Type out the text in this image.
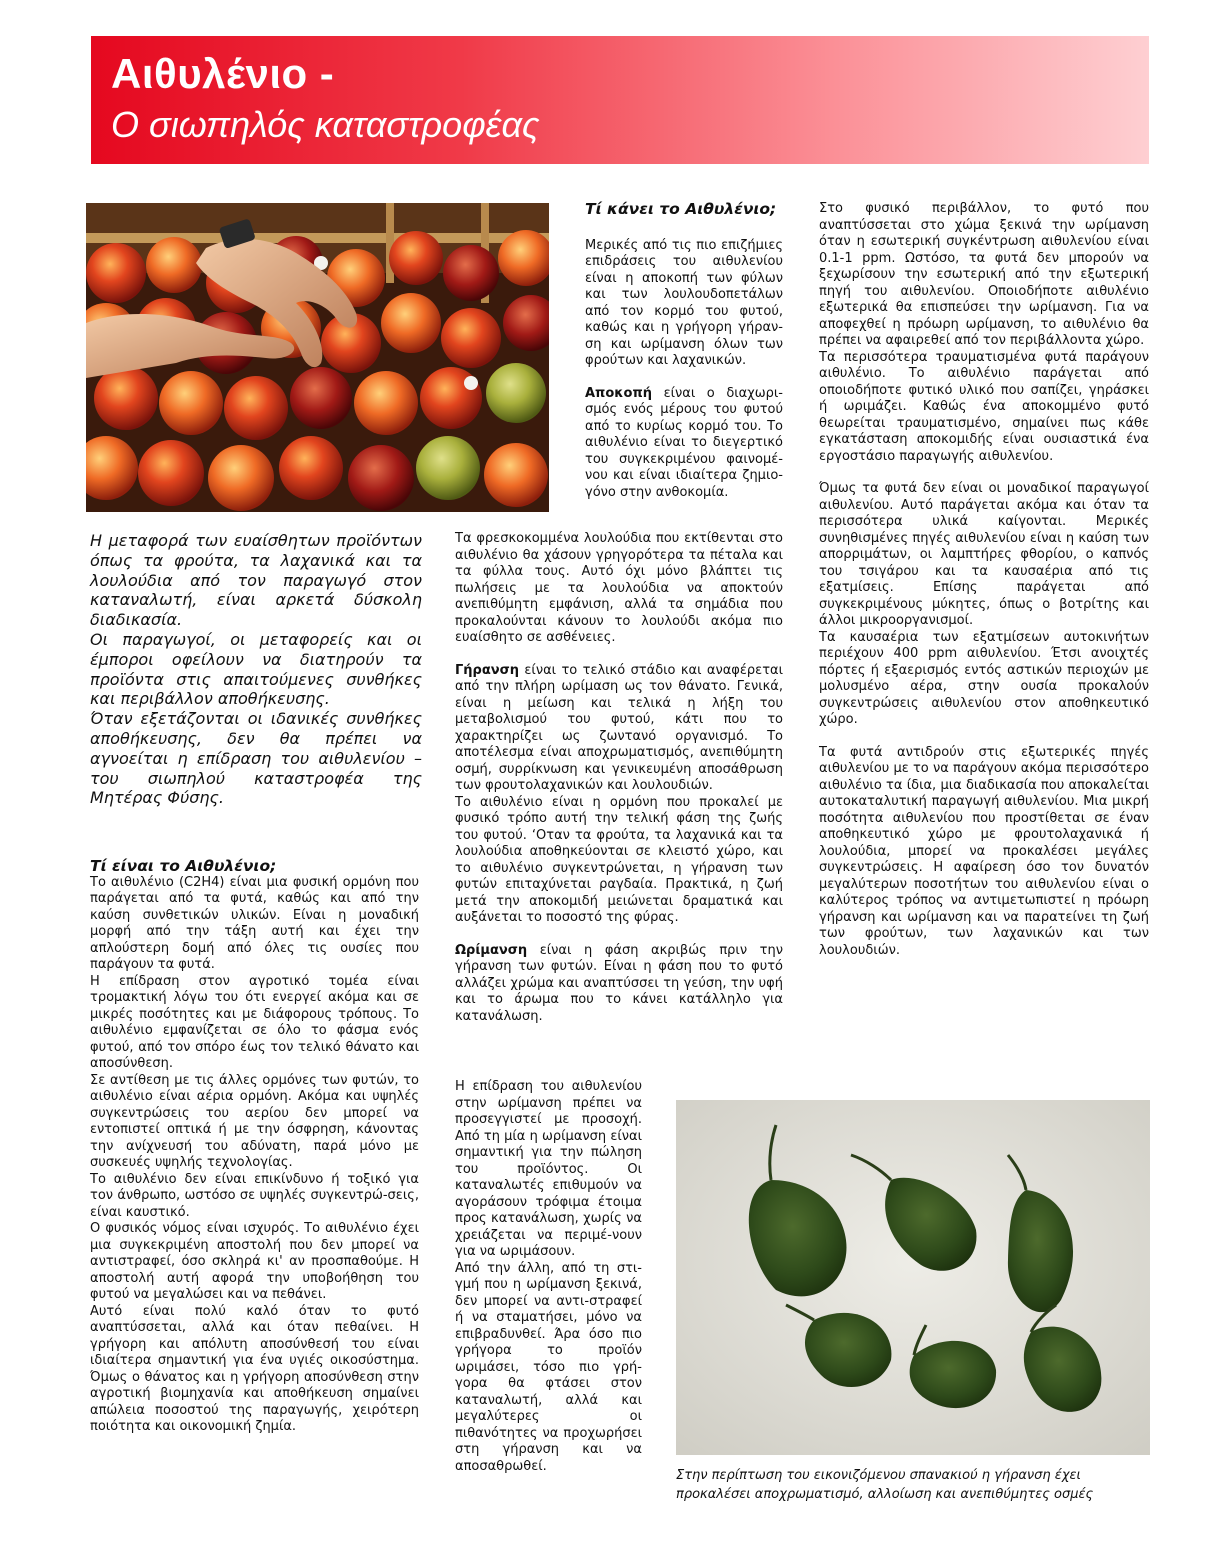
Αιθυλένιο -
Ο σιωπηλός καταστροφέας

Η μεταφορά των ευαίσθητων προϊόντων όπως τα φρούτα, τα λαχανικά και τα λουλούδια από τον παραγωγό στον καταναλωτή, είναι αρκετά δύσκολη διαδικασία.

Οι παραγωγοί, οι μεταφορείς και οι έμποροι οφείλουν να διατηρούν τα προϊόντα στις απαιτούμενες συνθήκες και περιβάλλον αποθήκευσης.

Όταν εξετάζονται οι ιδανικές συνθήκες αποθήκευσης, δεν θα πρέπει να αγνοείται η επίδραση του αιθυλενίου – του σιωπηλού καταστροφέα της Μητέρας Φύσης.

Τί είναι το Αιθυλένιο;

Το αιθυλένιο (C2H4) είναι μια φυσική ορμόνη που παράγεται από τα φυτά, καθώς και από την καύση συνθετικών υλικών. Είναι η μοναδική μορφή από την τάξη αυτή και έχει την απλούστερη δομή από όλες τις ουσίες που παράγουν τα φυτά.

Η επίδραση στον αγροτικό τομέα είναι τρομακτική λόγω του ότι ενεργεί ακόμα και σε μικρές ποσότητες και με διάφορους τρόπους. Το αιθυλένιο εμφανίζεται σε όλο το φάσμα ενός φυτού, από τον σπόρο έως τον τελικό θάνατο και αποσύνθεση.

Σε αντίθεση με τις άλλες ορμόνες των φυτών, το αιθυλένιο είναι αέρια ορμόνη. Ακόμα και υψηλές συγκεντρώσεις του αερίου δεν μπορεί να εντοπιστεί οπτικά ή με την όσφρηση, κάνοντας την ανίχνευσή του αδύνατη, παρά μόνο με συσκευές υψηλής τεχνολογίας.

Το αιθυλένιο δεν είναι επικίνδυνο ή τοξικό για τον άνθρωπο, ωστόσο σε υψηλές συγκεντρώ-σεις, είναι καυστικό.

Ο φυσικός νόμος είναι ισχυρός. Το αιθυλένιο έχει μια συγκεκριμένη αποστολή που δεν μπορεί να αντιστραφεί, όσο σκληρά κι' αν προσπαθούμε. Η αποστολή αυτή αφορά την υποβοήθηση του φυτού να μεγαλώσει και να πεθάνει.

Αυτό είναι πολύ καλό όταν το φυτό αναπτύσσεται, αλλά και όταν πεθαίνει. Η γρήγορη και απόλυτη αποσύνθεσή του είναι ιδιαίτερα σημαντική για ένα υγιές οικοσύστημα. Όμως ο θάνατος και η γρήγορη αποσύνθεση στην αγροτική βιομηχανία και αποθήκευση σημαίνει απώλεια ποσοστού της παραγωγής, χειρότερη ποιότητα και οικονομική ζημία.

Τί κάνει το Αιθυλένιο;

Μερικές από τις πιο επιζήμιες επιδράσεις του αιθυλενίου είναι η αποκοπή των φύλων και των λουλουδοπετάλων από τον κορμό του φυτού, καθώς και η γρήγορη γήραν-ση και ωρίμανση όλων των φρούτων και λαχανικών.

Αποκοπή είναι ο διαχωρι-σμός ενός μέρους του φυτού από το κυρίως κορμό του. Το αιθυλένιο είναι το διεγερτικό του συγκεκριμένου φαινομέ-νου και είναι ιδιαίτερα ζημιο-γόνο στην ανθοκομία.

Τα φρεσκοκομμένα λουλούδια που εκτίθενται στο αιθυλένιο θα χάσουν γρηγορότερα τα πέταλα και τα φύλλα τους. Αυτό όχι μόνο βλάπτει τις πωλήσεις με τα λουλούδια να αποκτούν ανεπιθύμητη εμφάνιση, αλλά τα σημάδια που προκαλούνται κάνουν το λουλούδι ακόμα πιο ευαίσθητο σε ασθένειες.

Γήρανση είναι το τελικό στάδιο και αναφέρεται από την πλήρη ωρίμαση ως τον θάνατο. Γενικά, είναι η μείωση και τελικά η λήξη του μεταβολισμού του φυτού, κάτι που το χαρακτηρίζει ως ζωντανό οργανισμό. Το αποτέλεσμα είναι αποχρωματισμός, ανεπιθύμητη οσμή, συρρίκνωση και γενικευμένη αποσάθρωση των φρουτολαχανικών και λουλουδιών.

Το αιθυλένιο είναι η ορμόνη που προκαλεί με φυσικό τρόπο αυτή την τελική φάση της ζωής του φυτού. ‘Οταν τα φρούτα, τα λαχανικά και τα λουλούδια αποθηκεύονται σε κλειστό χώρο, και το αιθυλένιο συγκεντρώνεται, η γήρανση των φυτών επιταχύνεται ραγδαία. Πρακτικά, η ζωή μετά την αποκομιδή μειώνεται δραματικά και αυξάνεται το ποσοστό της φύρας.

Ωρίμανση είναι η φάση ακριβώς πριν την γήρανση των φυτών. Είναι η φάση που το φυτό αλλάζει χρώμα και αναπτύσσει τη γεύση, την υφή και το άρωμα που το κάνει κατάλληλο για κατανάλωση.

Η επίδραση του αιθυλενίου στην ωρίμανση πρέπει να προσεγγιστεί με προσοχή. Από τη μία η ωρίμανση είναι σημαντική για την πώληση του προϊόντος. Οι καταναλωτές επιθυμούν να αγοράσουν τρόφιμα έτοιμα προς κατανάλωση, χωρίς να χρειάζεται να περιμέ-νουν για να ωριμάσουν.

Από την άλλη, από τη στι-γμή που η ωρίμανση ξεκινά, δεν μπορεί να αντι-στραφεί ή να σταματήσει, μόνο να επιβραδυνθεί. Άρα όσο πιο γρήγορα το προϊόν ωριμάσει, τόσο πιο γρή-γορα θα φτάσει στον καταναλωτή, αλλά και μεγαλύτερες οι πιθανότητες να προχωρήσει στη γήρανση και να αποσαθρωθεί.

Στο φυσικό περιβάλλον, το φυτό που αναπτύσσεται στο χώμα ξεκινά την ωρίμανση όταν η εσωτερική συγκέντρωση αιθυλενίου είναι 0.1-1 ppm. Ωστόσο, τα φυτά δεν μπορούν να ξεχωρίσουν την εσωτερική από την εξωτερική πηγή του αιθυλενίου. Οποιοδήποτε αιθυλένιο εξωτερικά θα επισπεύσει την ωρίμανση. Για να αποφεχθεί η πρόωρη ωρίμανση, το αιθυλένιο θα πρέπει να αφαιρεθεί από τον περιβάλλοντα χώρο.

Τα περισσότερα τραυματισμένα φυτά παράγουν αιθυλένιο. Το αιθυλένιο παράγεται από οποιοδήποτε φυτικό υλικό που σαπίζει, γηράσκει ή ωριμάζει. Καθώς ένα αποκομμένο φυτό θεωρείται τραυματισμένο, σημαίνει πως κάθε εγκατάσταση αποκομιδής είναι ουσιαστικά ένα εργοστάσιο παραγωγής αιθυλενίου.

Όμως τα φυτά δεν είναι οι μοναδικοί παραγωγοί αιθυλενίου. Αυτό παράγεται ακόμα και όταν τα περισσότερα υλικά καίγονται. Μερικές συνηθισμένες πηγές αιθυλενίου είναι η καύση των απορριμάτων, οι λαμπτήρες φθορίου, ο καπνός του τσιγάρου και τα καυσαέρια από τις εξατμίσεις. Επίσης παράγεται από συγκεκριμένους μύκητες, όπως ο βοτρίτης και άλλοι μικροοργανισμοί.

Τα καυσαέρια των εξατμίσεων αυτοκινήτων περιέχουν 400 ppm αιθυλενίου. Έτσι ανοιχτές πόρτες ή εξαερισμός εντός αστικών περιοχών με μολυσμένο αέρα, στην ουσία προκαλούν συγκεντρώσεις αιθυλενίου στον αποθηκευτικό χώρο.

Τα φυτά αντιδρούν στις εξωτερικές πηγές αιθυλενίου με το να παράγουν ακόμα περισσότερο αιθυλένιο τα ίδια, μια διαδικασία που αποκαλείται αυτοκαταλυτική παραγωγή αιθυλενίου. Μια μικρή ποσότητα αιθυλενίου που προστίθεται σε έναν αποθηκευτικό χώρο με φρουτολαχανικά ή λουλούδια, μπορεί να προκαλέσει μεγάλες συγκεντρώσεις. Η αφαίρεση όσο τον δυνατόν μεγαλύτερων ποσοτήτων του αιθυλενίου είναι ο καλύτερος τρόπος να αντιμετωπιστεί η πρόωρη γήρανση και ωρίμανση και να παρατείνει τη ζωή των φρούτων, των λαχανικών και των λουλουδιών.

Στην περίπτωση του εικονιζόμενου σπανακιού η γήρανση έχει προκαλέσει αποχρωματισμό, αλλοίωση και ανεπιθύμητες οσμές
